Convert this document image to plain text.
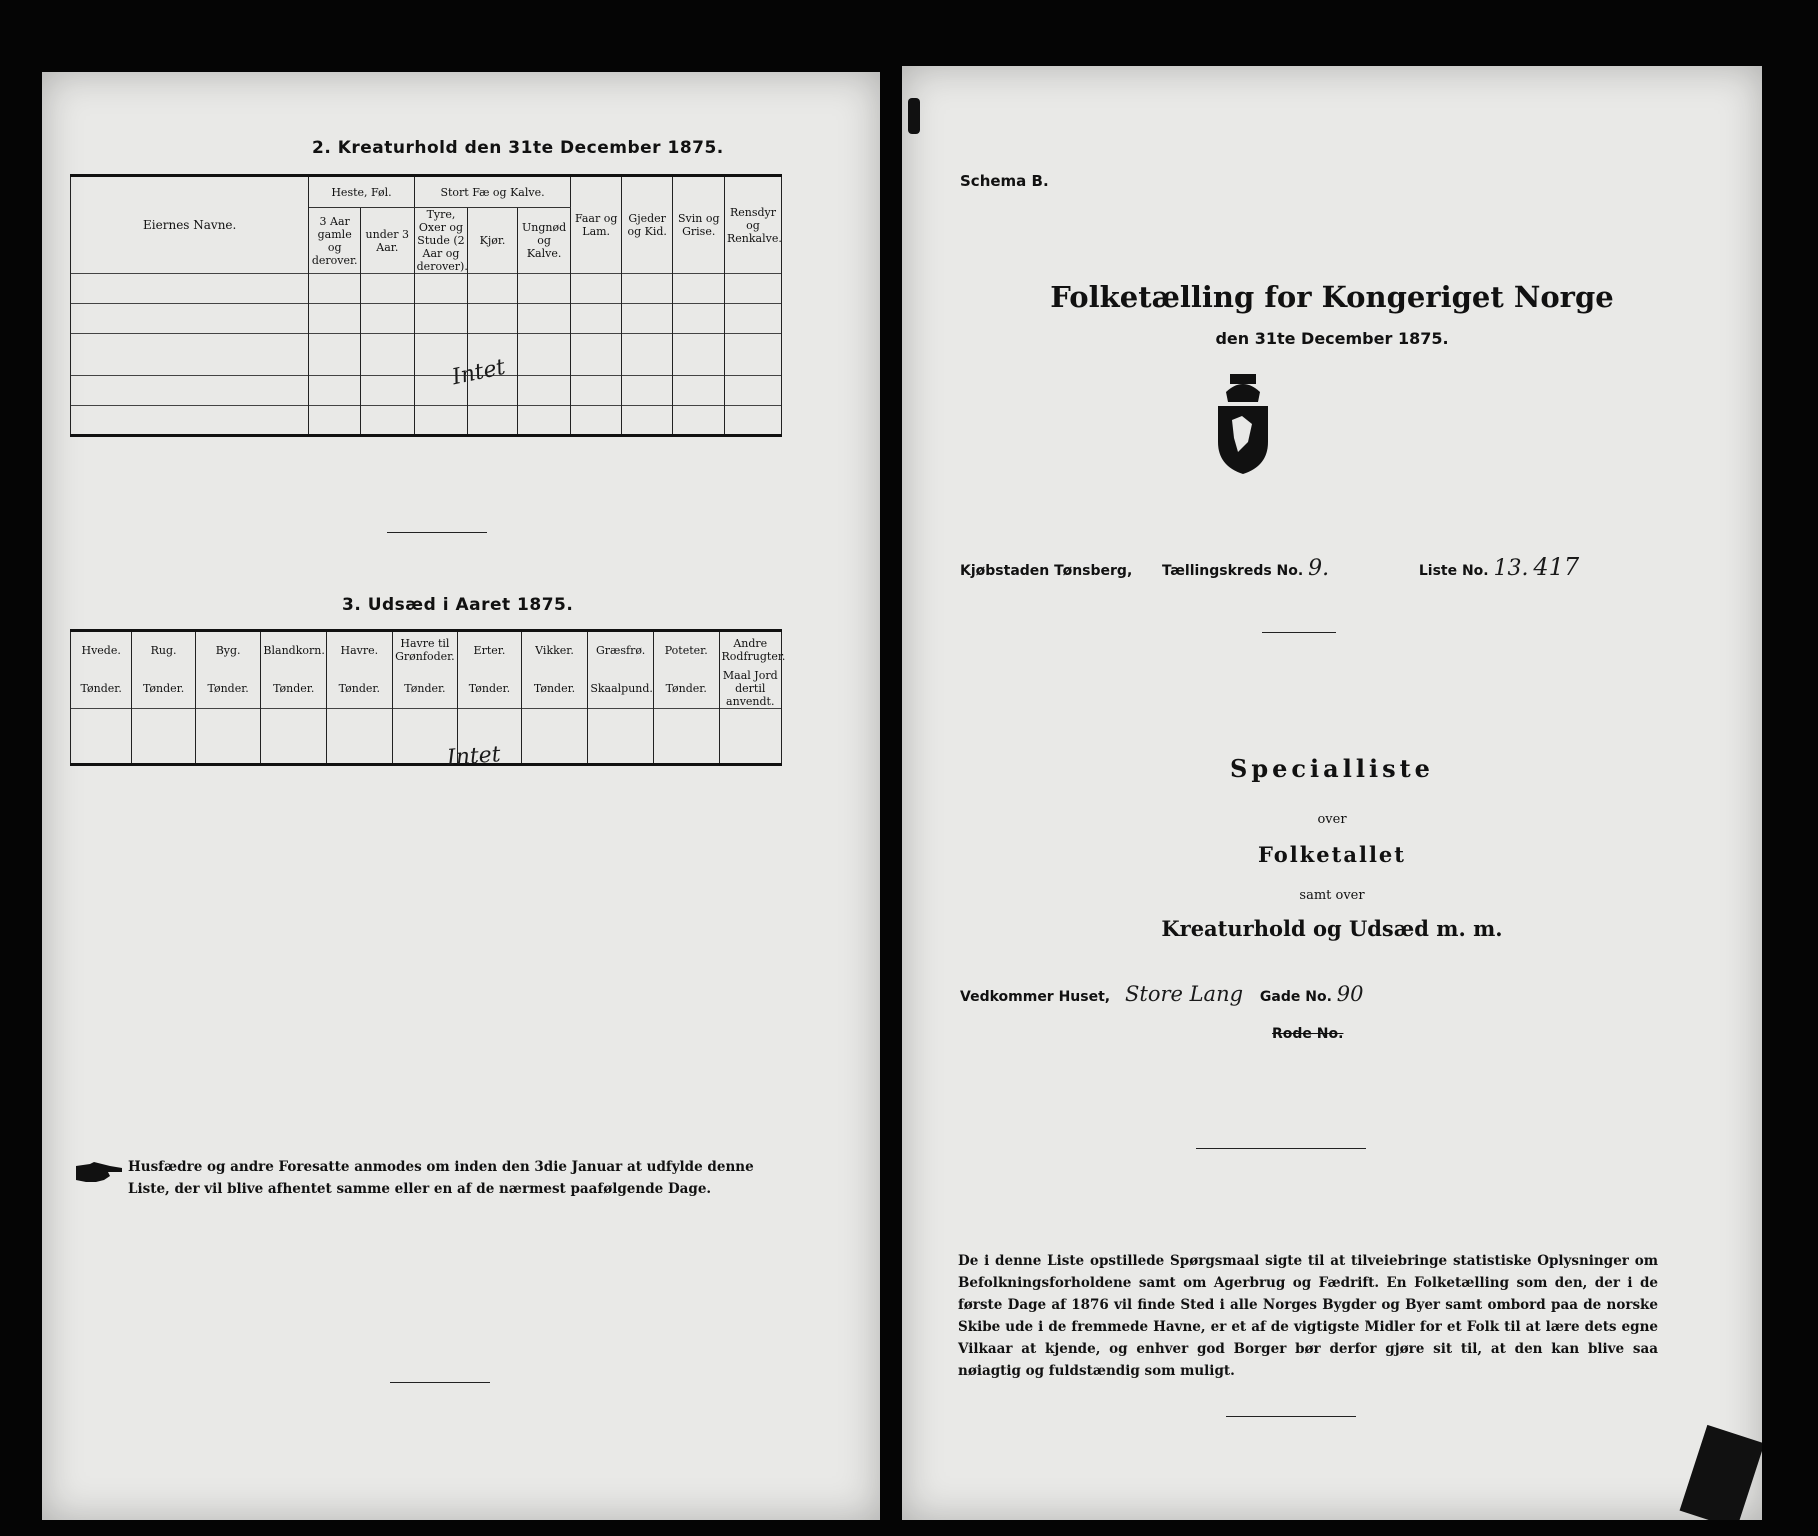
2. Kreaturhold den 31te December 1875.
Eiernes Navne.	Heste, Føl.		Stort Fæ og Kalve.			Faar og Lam.	Gjeder og Kid.	Svin og Grise.	Rensdyr og Renkalve.
	3 Aar gamle og derover.	under 3 Aar.	Tyre, Oxer og Stude (2 Aar og derover).	Kjør.	Ungnød og Kalve.				

Intet
3. Udsæd i Aaret 1875.
Hvede.	Rug.	Byg.	Blandkorn.	Havre.	Havre til Grønfoder.	Erter.	Vikker.	Græsfrø.	Poteter.	Andre Rodfrugter.
Tønder.	Tønder.	Tønder.	Tønder.	Tønder.	Tønder.	Tønder.	Tønder.	Skaalpund.	Tønder.	Maal Jord dertil anvendt.

Intet
Husfædre og andre Foresatte anmodes om inden den 3die Januar at udfylde denne Liste, der vil blive afhentet samme eller en af de nærmest paafølgende Dage.
Schema B.
Folketælling for Kongeriget Norge
den 31te December 1875.
Kjøbstaden Tønsberg, Tællingskreds No. 9.	Liste No. 13. 417
Specialliste
over
Folketallet
samt over
Kreaturhold og Udsæd m. m.
Vedkommer Huset, Store Lang Gade No. 90
Rode No.
De i denne Liste opstillede Spørgsmaal sigte til at tilveiebringe statistiske Oplysninger om Befolkningsforholdene samt om Agerbrug og Fædrift. En Folketælling som den, der i de første Dage af 1876 vil finde Sted i alle Norges Bygder og Byer samt ombord paa de norske Skibe ude i de fremmede Havne, er et af de vigtigste Midler for et Folk til at lære dets egne Vilkaar at kjende, og enhver god Borger bør derfor gjøre sit til, at den kan blive saa nøiagtig og fuldstændig som muligt.
